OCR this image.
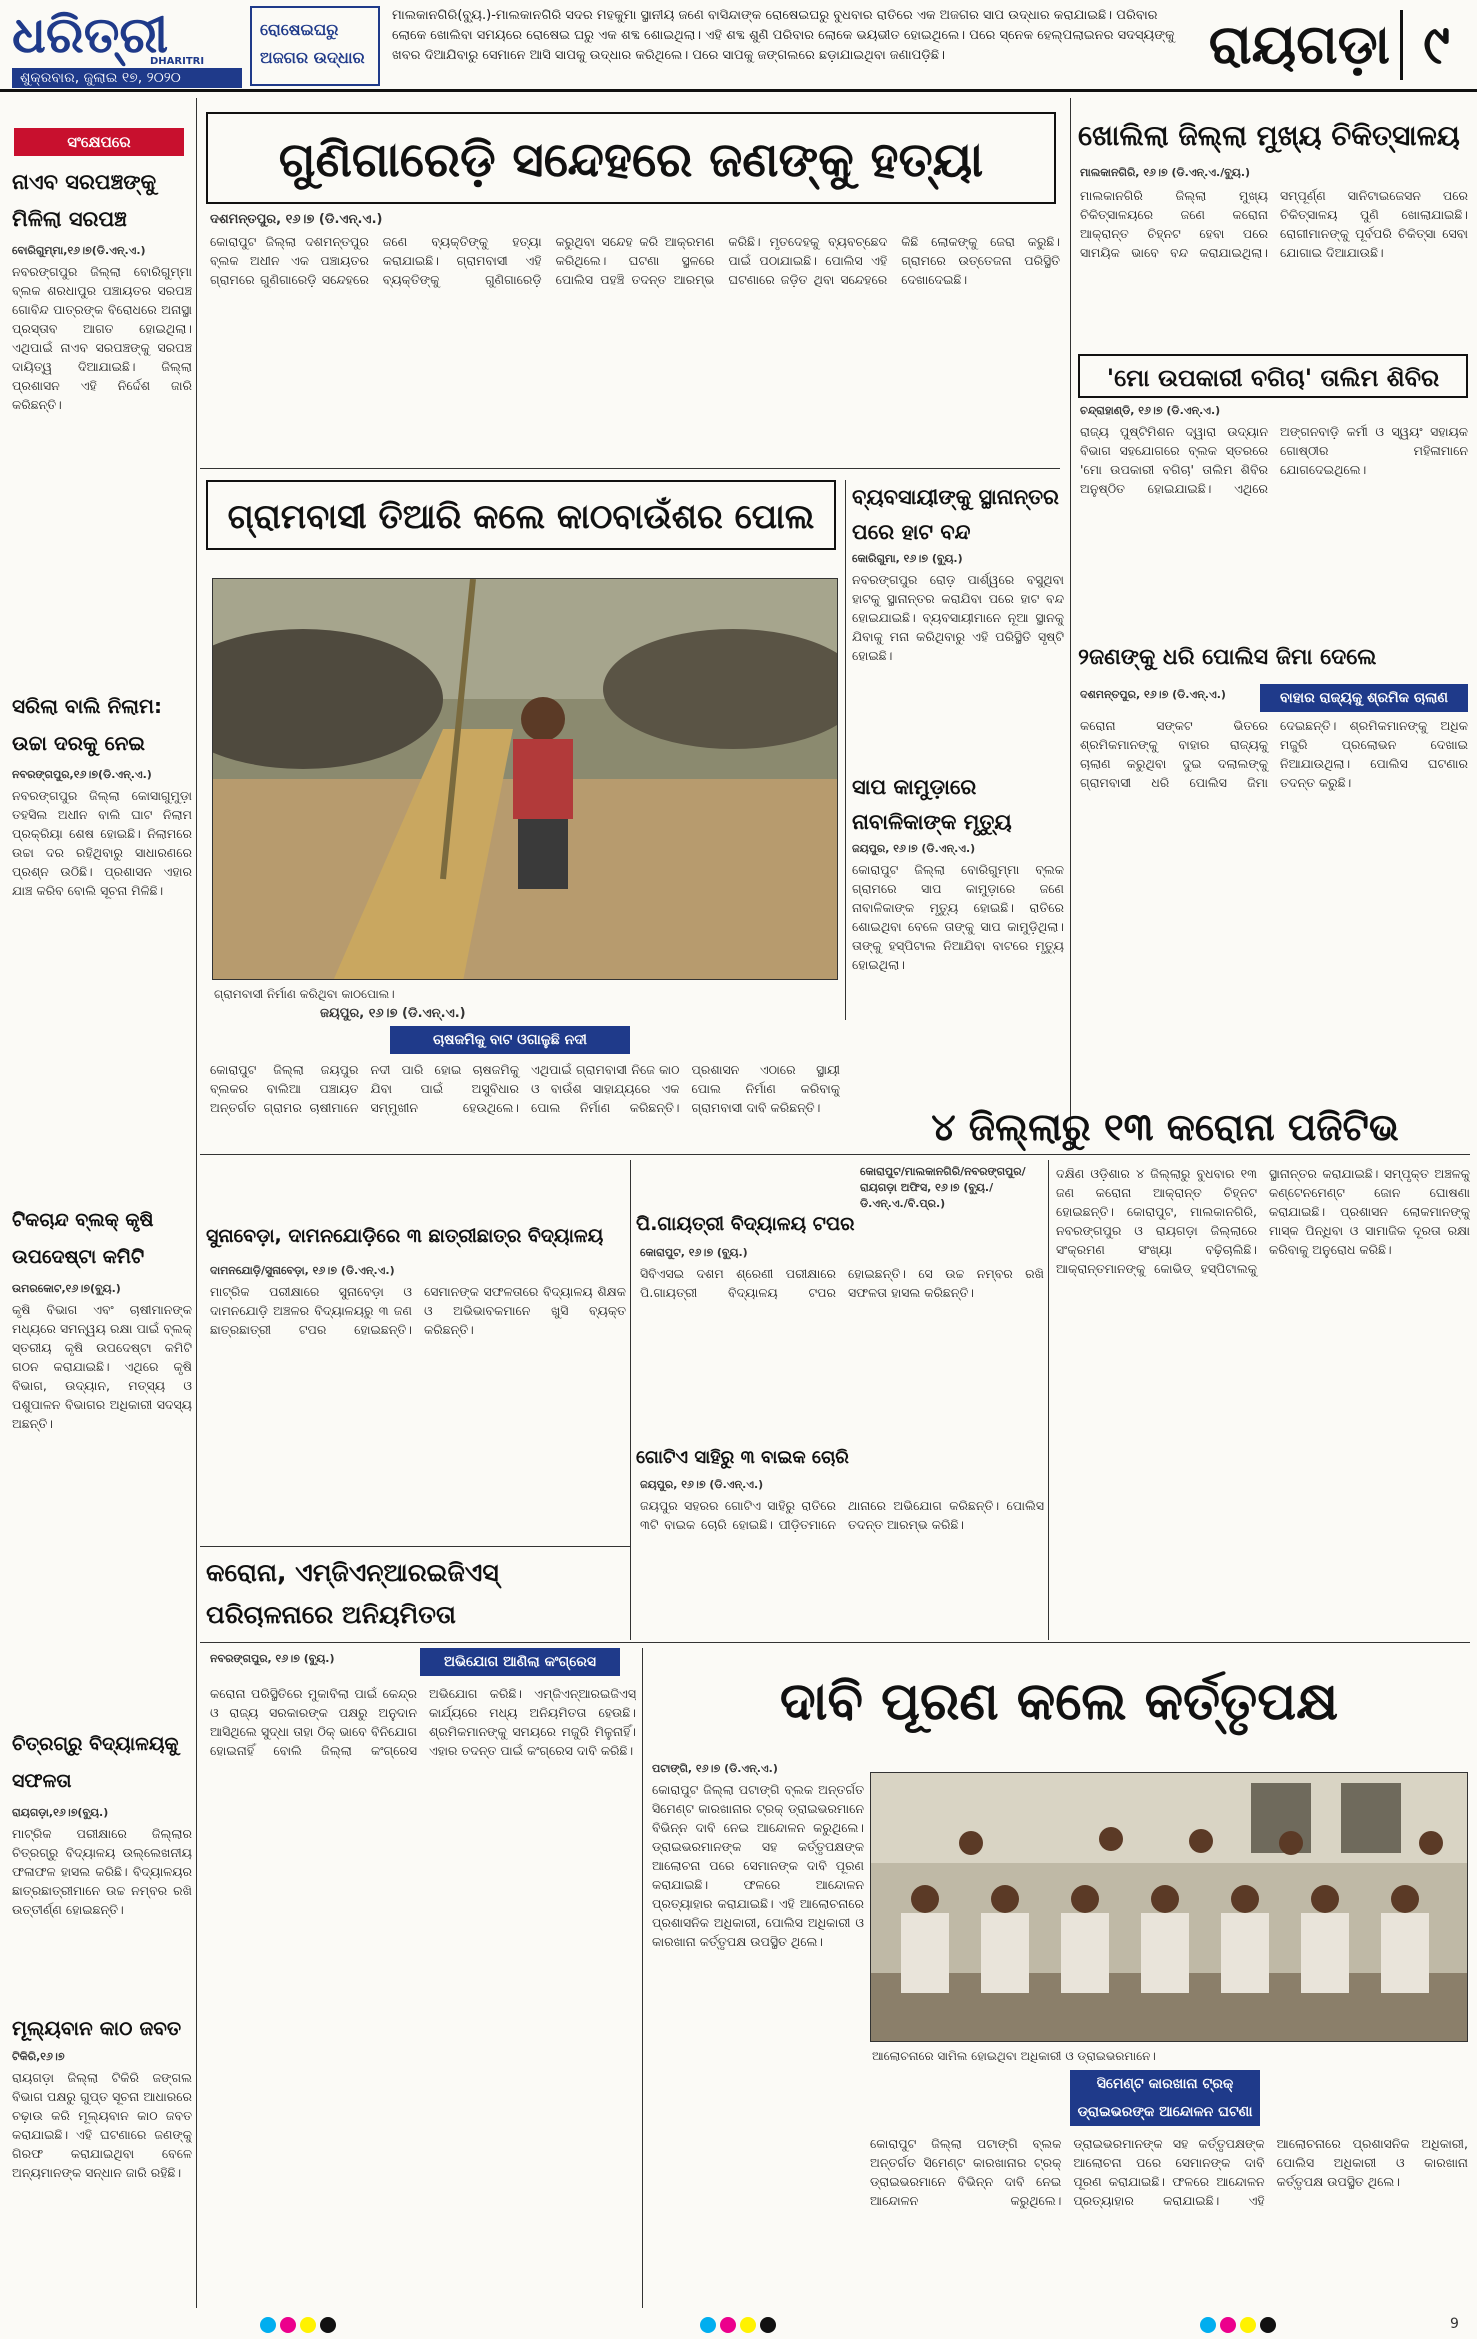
ଧରିତ୍ରୀ
DHARITRI
ଶୁକ୍ରବାର, ଜୁଲାଇ ୧୭, ୨୦୨୦
ରୋଷେଇଘରୁ ଅଜଗର ଉଦ୍ଧାର
ମାଲକାନଗିରି(ବ୍ୟୁ.)-ମାଲକାନଗିରି ସଦର ମହକୁମା ସ୍ଥାନୀୟ ଜଣେ ବାସିନ୍ଦାଙ୍କ ରୋଷେଇଘରୁ ବୁଧବାର ରାତିରେ ଏକ ଅଜଗର ସାପ ଉଦ୍ଧାର କରାଯାଇଛି। ପରିବାର ଲୋକେ ଖୋଲିବା ସମୟରେ ରୋଷେଇ ଘରୁ ଏକ ଶବ୍ଦ ଶୋଇଥିଲା। ଏହି ଶବ୍ଦ ଶୁଣି ପରିବାର ଲୋକେ ଭୟଭୀତ ହୋଇଥିଲେ। ପରେ ସ୍ନେକ ହେଲ୍ପଲାଇନର ସଦସ୍ୟଙ୍କୁ ଖବର ଦିଆଯିବାରୁ ସେମାନେ ଆସି ସାପକୁ ଉଦ୍ଧାର କରିଥିଲେ। ପରେ ସାପକୁ ଜଙ୍ଗଲରେ ଛଡ଼ାଯାଇଥିବା ଜଣାପଡ଼ିଛି।	ରାୟଗଡ଼ା ୯
ସଂକ୍ଷେପରେ
ନାଏବ ସରପଞ୍ଚଙ୍କୁ ମିଳିଲା ସରପଞ୍ଚ
ବୋରିଗୁମ୍ମା,୧୬।୭(ଡି.ଏନ୍.ଏ.)
ନବରଙ୍ଗପୁର ଜିଲ୍ଲା ବୋରିଗୁମ୍ମା ବ୍ଲକ ଶରଧାପୁର ପଞ୍ଚାୟତର ସରପଞ୍ଚ ଗୋବିନ୍ଦ ପାତ୍ରଙ୍କ ବିରୋଧରେ ଅନାସ୍ଥା ପ୍ରସ୍ତାବ ଆଗତ ହୋଇଥିଲା। ଏଥିପାଇଁ ନାଏବ ସରପଞ୍ଚଙ୍କୁ ସରପଞ୍ଚ ଦାୟିତ୍ୱ ଦିଆଯାଇଛି। ଜିଲ୍ଲା ପ୍ରଶାସନ ଏହି ନିର୍ଦ୍ଦେଶ ଜାରି କରିଛନ୍ତି।
ସରିଲା ବାଲି ନିଲାମ: ଉଚ୍ଚା ଦରକୁ ନେଇ
ନବରଙ୍ଗପୁର,୧୬।୭(ଡି.ଏନ୍.ଏ.)
ନବରଙ୍ଗପୁର ଜିଲ୍ଲା କୋସାଗୁମୁଡ଼ା ତହସିଲ ଅଧୀନ ବାଲି ଘାଟ ନିଲାମ ପ୍ରକ୍ରିୟା ଶେଷ ହୋଇଛି। ନିଲାମରେ ଉଚ୍ଚା ଦର ରହିଥିବାରୁ ସାଧାରଣରେ ପ୍ରଶ୍ନ ଉଠିଛି। ପ୍ରଶାସନ ଏହାର ଯାଞ୍ଚ କରିବ ବୋଲି ସୂଚନା ମିଳିଛି।
ଟିକଚାନ୍ଦ ବ୍ଲକ୍ କୃଷି ଉପଦେଷ୍ଟା କମିଟି
ଉମରକୋଟ,୧୬।୭(ବ୍ୟୁ.)
କୃଷି ବିଭାଗ ଏବଂ ଚାଷୀମାନଙ୍କ ମଧ୍ୟରେ ସମନ୍ୱୟ ରକ୍ଷା ପାଇଁ ବ୍ଲକ୍ ସ୍ତରୀୟ କୃଷି ଉପଦେଷ୍ଟା କମିଟି ଗଠନ କରାଯାଇଛି। ଏଥିରେ କୃଷି ବିଭାଗ, ଉଦ୍ୟାନ, ମତ୍ସ୍ୟ ଓ ପଶୁପାଳନ ବିଭାଗର ଅଧିକାରୀ ସଦସ୍ୟ ଅଛନ୍ତି।
ଚିତ୍ରଗ୍ରୁ ବିଦ୍ୟାଳୟକୁ ସଫଳତା
ରାୟଗଡ଼ା,୧୬।୭(ବ୍ୟୁ.)
ମାଟ୍ରିକ ପରୀକ୍ଷାରେ ଜିଲ୍ଲାର ଚିତ୍ରଗ୍ରୁ ବିଦ୍ୟାଳୟ ଉଲ୍ଲେଖନୀୟ ଫଳାଫଳ ହାସଲ କରିଛି। ବିଦ୍ୟାଳୟର ଛାତ୍ରଛାତ୍ରୀମାନେ ଉଚ୍ଚ ନମ୍ବର ରଖି ଉତ୍ତୀର୍ଣ୍ଣ ହୋଇଛନ୍ତି।
ମୂଲ୍ୟବାନ କାଠ ଜବତ
ଟିକିରି,୧୬।୭
ରାୟଗଡ଼ା ଜିଲ୍ଲା ଟିକିରି ଜଙ୍ଗଲ ବିଭାଗ ପକ୍ଷରୁ ଗୁପ୍ତ ସୂଚନା ଆଧାରରେ ଚଢ଼ାଉ କରି ମୂଲ୍ୟବାନ କାଠ ଜବତ କରାଯାଇଛି। ଏହି ଘଟଣାରେ ଜଣଙ୍କୁ ଗିରଫ କରାଯାଇଥିବା ବେଳେ ଅନ୍ୟମାନଙ୍କ ସନ୍ଧାନ ଜାରି ରହିଛି।
ଗୁଣିଗାରେଡ଼ି ସନ୍ଦେହରେ ଜଣଙ୍କୁ ହତ୍ୟା
ଦଶମନ୍ତପୁର, ୧୬।୭ (ଡି.ଏନ୍.ଏ.)
କୋରାପୁଟ ଜିଲ୍ଲା ଦଶମନ୍ତପୁର ବ୍ଲକ ଅଧୀନ ଏକ ପଞ୍ଚାୟତର ଗ୍ରାମରେ ଗୁଣିଗାରେଡ଼ି ସନ୍ଦେହରେ ଜଣେ ବ୍ୟକ୍ତିଙ୍କୁ ହତ୍ୟା କରାଯାଇଛି। ଗ୍ରାମବାସୀ ଏହି ବ୍ୟକ୍ତିଙ୍କୁ ଗୁଣିଗାରେଡ଼ି କରୁଥିବା ସନ୍ଦେହ କରି ଆକ୍ରମଣ କରିଥିଲେ। ଘଟଣା ସ୍ଥଳରେ ପୋଲିସ ପହଞ୍ଚି ତଦନ୍ତ ଆରମ୍ଭ କରିଛି। ମୃତଦେହକୁ ବ୍ୟବଚ୍ଛେଦ ପାଇଁ ପଠାଯାଇଛି। ପୋଲିସ ଏହି ଘଟଣାରେ ଜଡ଼ିତ ଥିବା ସନ୍ଦେହରେ କିଛି ଲୋକଙ୍କୁ ଜେରା କରୁଛି। ଗ୍ରାମରେ ଉତ୍ତେଜନା ପରିସ୍ଥିତି ଦେଖାଦେଇଛି।
ଗ୍ରାମବାସୀ ତିଆରି କଲେ କାଠବାଉଁଶର ପୋଲ
ଗ୍ରାମବାସୀ ନିର୍ମାଣ କରିଥିବା କାଠପୋଲ।
ଜୟପୁର, ୧୬।୭ (ଡି.ଏନ୍.ଏ.)
ଚାଷଜମିକୁ ବାଟ ଓଗାଳୁଛି ନଦୀ
କୋରାପୁଟ ଜିଲ୍ଲା ଜୟପୁର ବ୍ଲକର ବାଲିଆ ପଞ୍ଚାୟତ ଅନ୍ତର୍ଗତ ଗ୍ରାମର ଚାଷୀମାନେ ନଦୀ ପାରି ହୋଇ ଚାଷଜମିକୁ ଯିବା ପାଇଁ ଅସୁବିଧାର ସମ୍ମୁଖୀନ ହେଉଥିଲେ। ଏଥିପାଇଁ ଗ୍ରାମବାସୀ ନିଜେ କାଠ ଓ ବାଉଁଶ ସାହାଯ୍ୟରେ ଏକ ପୋଲ ନିର୍ମାଣ କରିଛନ୍ତି। ପ୍ରଶାସନ ଏଠାରେ ସ୍ଥାୟୀ ପୋଲ ନିର୍ମାଣ କରିବାକୁ ଗ୍ରାମବାସୀ ଦାବି କରିଛନ୍ତି।
ବ୍ୟବସାୟୀଙ୍କୁ ସ୍ଥାନାନ୍ତର ପରେ ହାଟ ବନ୍ଦ
କୋରିଗୁମା, ୧୬।୭ (ବ୍ୟୁ.)
ନବରଙ୍ଗପୁର ରୋଡ଼ ପାର୍ଶ୍ୱରେ ବସୁଥିବା ହାଟକୁ ସ୍ଥାନାନ୍ତର କରାଯିବା ପରେ ହାଟ ବନ୍ଦ ହୋଇଯାଇଛି। ବ୍ୟବସାୟୀମାନେ ନୂଆ ସ୍ଥାନକୁ ଯିବାକୁ ମନା କରିଥିବାରୁ ଏହି ପରିସ୍ଥିତି ସୃଷ୍ଟି ହୋଇଛି।
ସାପ କାମୁଡ଼ାରେ ନାବାଳିକାଙ୍କ ମୃତ୍ୟୁ
ଜୟପୁର, ୧୬।୭ (ଡି.ଏନ୍.ଏ.)
କୋରାପୁଟ ଜିଲ୍ଲା ବୋରିଗୁମ୍ମା ବ୍ଲକ ଗ୍ରାମରେ ସାପ କାମୁଡ଼ାରେ ଜଣେ ନାବାଳିକାଙ୍କ ମୃତ୍ୟୁ ହୋଇଛି। ରାତିରେ ଶୋଇଥିବା ବେଳେ ତାଙ୍କୁ ସାପ କାମୁଡ଼ିଥିଲା। ତାଙ୍କୁ ହସ୍ପିଟାଲ ନିଆଯିବା ବାଟରେ ମୃତ୍ୟୁ ହୋଇଥିଲା।
ଖୋଲିଲା ଜିଲ୍ଲା ମୁଖ୍ୟ ଚିକିତ୍ସାଳୟ
ମାଲକାନଗିରି, ୧୬।୭ (ଡି.ଏନ୍.ଏ./ବ୍ୟୁ.)
ମାଲକାନଗିରି ଜିଲ୍ଲା ମୁଖ୍ୟ ଚିକିତ୍ସାଳୟରେ ଜଣେ କରୋନା ଆକ୍ରାନ୍ତ ଚିହ୍ନଟ ହେବା ପରେ ସାମୟିକ ଭାବେ ବନ୍ଦ କରାଯାଇଥିଲା। ସମ୍ପୂର୍ଣ୍ଣ ସାନିଟାଇଜେସନ ପରେ ଚିକିତ୍ସାଳୟ ପୁଣି ଖୋଲାଯାଇଛି। ରୋଗୀମାନଙ୍କୁ ପୂର୍ବପରି ଚିକିତ୍ସା ସେବା ଯୋଗାଇ ଦିଆଯାଉଛି।
'ମୋ ଉପକାରୀ ବଗିଚା' ତାଲିମ ଶିବିର
ଚନ୍ଦ୍ରାହାଣ୍ଡି, ୧୬।୭ (ଡି.ଏନ୍.ଏ.)
ରାଜ୍ୟ ପୁଷ୍ଟିମିଶନ ଦ୍ୱାରା ଉଦ୍ୟାନ ବିଭାଗ ସହଯୋଗରେ ବ୍ଲକ ସ୍ତରରେ 'ମୋ ଉପକାରୀ ବଗିଚା' ତାଲିମ ଶିବିର ଅନୁଷ୍ଠିତ ହୋଇଯାଇଛି। ଏଥିରେ ଅଙ୍ଗନବାଡ଼ି କର୍ମୀ ଓ ସ୍ୱୟଂ ସହାୟକ ଗୋଷ୍ଠୀର ମହିଳାମାନେ ଯୋଗଦେଇଥିଲେ।
୨ଜଣଙ୍କୁ ଧରି ପୋଲିସ ଜିମା ଦେଲେ
ଦଶମନ୍ତପୁର, ୧୬।୭ (ଡି.ଏନ୍.ଏ.)	ବାହାର ରାଜ୍ୟକୁ ଶ୍ରମିକ ଚାଲାଣ
କରୋନା ସଙ୍କଟ ଭିତରେ ଶ୍ରମିକମାନଙ୍କୁ ବାହାର ରାଜ୍ୟକୁ ଚାଲାଣ କରୁଥିବା ଦୁଇ ଦଲାଲଙ୍କୁ ଗ୍ରାମବାସୀ ଧରି ପୋଲିସ ଜିମା ଦେଇଛନ୍ତି। ଶ୍ରମିକମାନଙ୍କୁ ଅଧିକ ମଜୁରି ପ୍ରଲୋଭନ ଦେଖାଇ ନିଆଯାଉଥିଲା। ପୋଲିସ ଘଟଣାର ତଦନ୍ତ କରୁଛି।
୪ ଜିଲ୍ଲାରୁ ୧୩ କରୋନା ପଜିଟିଭ
କୋରାପୁଟ/ମାଲକାନଗିରି/ନବରଙ୍ଗପୁର/ରାୟଗଡ଼ା ଅଫିସ, ୧୬।୭ (ବ୍ୟୁ./ଡି.ଏନ୍.ଏ./ବି.ପ୍ର.)
ଦକ୍ଷିଣ ଓଡ଼ିଶାର ୪ ଜିଲ୍ଲାରୁ ବୁଧବାର ୧୩ ଜଣ କରୋନା ଆକ୍ରାନ୍ତ ଚିହ୍ନଟ ହୋଇଛନ୍ତି। କୋରାପୁଟ, ମାଲକାନଗିରି, ନବରଙ୍ଗପୁର ଓ ରାୟଗଡ଼ା ଜିଲ୍ଲାରେ ସଂକ୍ରମଣ ସଂଖ୍ୟା ବଢ଼ିଚାଲିଛି। ଆକ୍ରାନ୍ତମାନଙ୍କୁ କୋଭିଡ୍ ହସ୍ପିଟାଲକୁ ସ୍ଥାନାନ୍ତର କରାଯାଇଛି। ସମ୍ପୃକ୍ତ ଅଞ୍ଚଳକୁ କଣ୍ଟେନମେଣ୍ଟ ଜୋନ ଘୋଷଣା କରାଯାଇଛି। ପ୍ରଶାସନ ଲୋକମାନଙ୍କୁ ମାସ୍କ ପିନ୍ଧିବା ଓ ସାମାଜିକ ଦୂରତା ରକ୍ଷା କରିବାକୁ ଅନୁରୋଧ କରିଛି।
ସୁନାବେଡ଼ା, ଦାମନଯୋଡ଼ିରେ ୩ ଛାତ୍ରୀଛାତ୍ର ବିଦ୍ୟାଳୟ
ଦାମନଯୋଡ଼ି/ସୁନାବେଡ଼ା, ୧୬।୭ (ଡି.ଏନ୍.ଏ.)
ମାଟ୍ରିକ ପରୀକ୍ଷାରେ ସୁନାବେଡ଼ା ଓ ଦାମନଯୋଡ଼ି ଅଞ୍ଚଳର ବିଦ୍ୟାଳୟରୁ ୩ ଜଣ ଛାତ୍ରଛାତ୍ରୀ ଟପର ହୋଇଛନ୍ତି। ସେମାନଙ୍କ ସଫଳତାରେ ବିଦ୍ୟାଳୟ ଶିକ୍ଷକ ଓ ଅଭିଭାବକମାନେ ଖୁସି ବ୍ୟକ୍ତ କରିଛନ୍ତି।
ପି.ଗାୟତ୍ରୀ ବିଦ୍ୟାଳୟ ଟପର
କୋରାପୁଟ, ୧୬।୭ (ବ୍ୟୁ.)
ସିବିଏସଇ ଦଶମ ଶ୍ରେଣୀ ପରୀକ୍ଷାରେ ପି.ଗାୟତ୍ରୀ ବିଦ୍ୟାଳୟ ଟପର ହୋଇଛନ୍ତି। ସେ ଉଚ୍ଚ ନମ୍ବର ରଖି ସଫଳତା ହାସଲ କରିଛନ୍ତି।
ଗୋଟିଏ ସାହିରୁ ୩ ବାଇକ ଚୋରି
ଜୟପୁର, ୧୬।୭ (ଡି.ଏନ୍.ଏ.)
ଜୟପୁର ସହରର ଗୋଟିଏ ସାହିରୁ ରାତିରେ ୩ଟି ବାଇକ ଚୋରି ହୋଇଛି। ପୀଡ଼ିତମାନେ ଥାନାରେ ଅଭିଯୋଗ କରିଛନ୍ତି। ପୋଲିସ ତଦନ୍ତ ଆରମ୍ଭ କରିଛି।
କରୋନା, ଏମ୍‌ଜିଏନ୍‌ଆରଇଜିଏସ୍ ପରିଚାଳନାରେ ଅନିୟମିତତା
ନବରଙ୍ଗପୁର, ୧୬।୭ (ବ୍ୟୁ.)	ଅଭିଯୋଗ ଆଣିଲା କଂଗ୍ରେସ
କରୋନା ପରିସ୍ଥିତିରେ ମୁକାବିଲା ପାଇଁ କେନ୍ଦ୍ର ଓ ରାଜ୍ୟ ସରକାରଙ୍କ ପକ୍ଷରୁ ଅନୁଦାନ ଆସିଥିଲେ ସୁଦ୍ଧା ତାହା ଠିକ୍ ଭାବେ ବିନିଯୋଗ ହୋଇନାହିଁ ବୋଲି ଜିଲ୍ଲା କଂଗ୍ରେସ ଅଭିଯୋଗ କରିଛି। ଏମ୍‌ଜିଏନ୍‌ଆରଇଜିଏସ୍ କାର୍ଯ୍ୟରେ ମଧ୍ୟ ଅନିୟମିତତା ହେଉଛି। ଶ୍ରମିକମାନଙ୍କୁ ସମୟରେ ମଜୁରି ମିଳୁନାହିଁ। ଏହାର ତଦନ୍ତ ପାଇଁ କଂଗ୍ରେସ ଦାବି କରିଛି।
ଦାବି ପୂରଣ କଲେ କର୍ତ୍ତୃପକ୍ଷ
ପଟାଙ୍ଗି, ୧୬।୭ (ଡି.ଏନ୍.ଏ.)
କୋରାପୁଟ ଜିଲ୍ଲା ପଟାଙ୍ଗି ବ୍ଲକ ଅନ୍ତର୍ଗତ ସିମେଣ୍ଟ କାରଖାନାର ଟ୍ରକ୍ ଡ୍ରାଇଭରମାନେ ବିଭିନ୍ନ ଦାବି ନେଇ ଆନ୍ଦୋଳନ କରୁଥିଲେ। ଡ୍ରାଇଭରମାନଙ୍କ ସହ କର୍ତ୍ତୃପକ୍ଷଙ୍କ ଆଲୋଚନା ପରେ ସେମାନଙ୍କ ଦାବି ପୂରଣ କରାଯାଇଛି। ଫଳରେ ଆନ୍ଦୋଳନ ପ୍ରତ୍ୟାହାର କରାଯାଇଛି। ଏହି ଆଲୋଚନାରେ ପ୍ରଶାସନିକ ଅଧିକାରୀ, ପୋଲିସ ଅଧିକାରୀ ଓ କାରଖାନା କର୍ତ୍ତୃପକ୍ଷ ଉପସ୍ଥିତ ଥିଲେ।
ଆଲୋଚନାରେ ସାମିଲ ହୋଇଥିବା ଅଧିକାରୀ ଓ ଡ୍ରାଇଭରମାନେ।
ସିମେଣ୍ଟ କାରଖାନା ଟ୍ରକ୍ ଡ୍ରାଇଭରଙ୍କ ଆନ୍ଦୋଳନ ଘଟଣା
କୋରାପୁଟ ଜିଲ୍ଲା ପଟାଙ୍ଗି ବ୍ଲକ ଅନ୍ତର୍ଗତ ସିମେଣ୍ଟ କାରଖାନାର ଟ୍ରକ୍ ଡ୍ରାଇଭରମାନେ ବିଭିନ୍ନ ଦାବି ନେଇ ଆନ୍ଦୋଳନ କରୁଥିଲେ। ଡ୍ରାଇଭରମାନଙ୍କ ସହ କର୍ତ୍ତୃପକ୍ଷଙ୍କ ଆଲୋଚନା ପରେ ସେମାନଙ୍କ ଦାବି ପୂରଣ କରାଯାଇଛି। ଫଳରେ ଆନ୍ଦୋଳନ ପ୍ରତ୍ୟାହାର କରାଯାଇଛି। ଏହି ଆଲୋଚନାରେ ପ୍ରଶାସନିକ ଅଧିକାରୀ, ପୋଲିସ ଅଧିକାରୀ ଓ କାରଖାନା କର୍ତ୍ତୃପକ୍ଷ ଉପସ୍ଥିତ ଥିଲେ।
9
